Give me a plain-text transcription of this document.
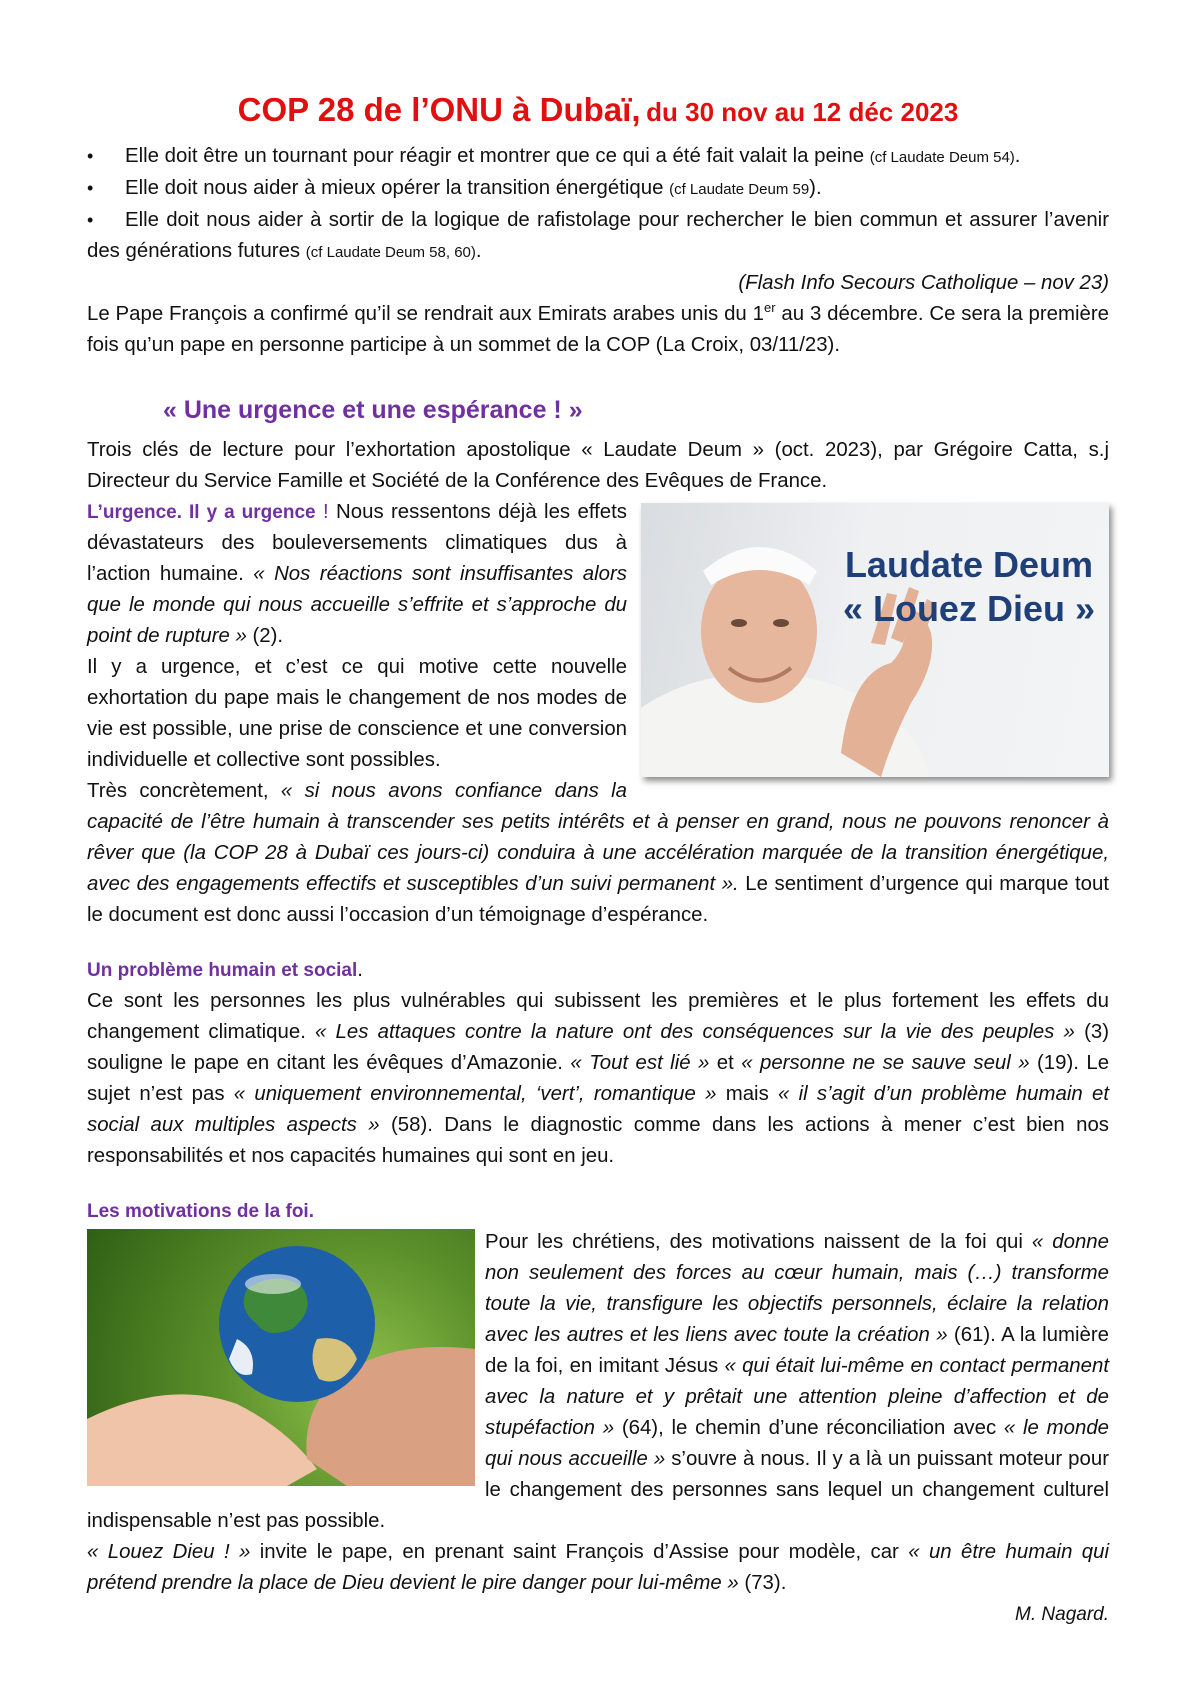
COP 28 de l’ONU à Dubaï, du 30 nov au 12 déc 2023

• Elle doit être un tournant pour réagir et montrer que ce qui a été fait valait la peine (cf Laudate Deum 54).
• Elle doit nous aider à mieux opérer la transition énergétique (cf Laudate Deum 59).
• Elle doit nous aider à sortir de la logique de rafistolage pour rechercher le bien commun et assurer l’avenir des générations futures (cf Laudate Deum 58, 60).

(Flash Info Secours Catholique – nov 23)

Le Pape François a confirmé qu’il se rendrait aux Emirats arabes unis du 1er au 3 décembre. Ce sera la première fois qu’un pape en personne participe à un sommet de la COP (La Croix, 03/11/23).

« Une urgence et une espérance ! »

Trois clés de lecture pour l’exhortation apostolique « Laudate Deum » (oct. 2023), par Grégoire Catta, s.j Directeur du Service Famille et Société de la Conférence des Evêques de France.

Laudate Deum
« Louez Dieu »

L’urgence. Il y a urgence ! Nous ressentons déjà les effets dévastateurs des bouleversements climatiques dus à l’action humaine. « Nos réactions sont insuffisantes alors que le monde qui nous accueille s’effrite et s’approche du point de rupture » (2).

Il y a urgence, et c’est ce qui motive cette nouvelle exhortation du pape mais le changement de nos modes de vie est possible, une prise de conscience et une conversion individuelle et collective sont possibles.

Très concrètement, « si nous avons confiance dans la capacité de l’être humain à transcender ses petits intérêts et à penser en grand, nous ne pouvons renoncer à rêver que (la COP 28 à Dubaï ces jours-ci) conduira à une accélération marquée de la transition énergétique, avec des engagements effectifs et susceptibles d’un suivi permanent ». Le sentiment d’urgence qui marque tout le document est donc aussi l’occasion d’un témoignage d’espérance.

Un problème humain et social.

Ce sont les personnes les plus vulnérables qui subissent les premières et le plus fortement les effets du changement climatique. « Les attaques contre la nature ont des conséquences sur la vie des peuples » (3) souligne le pape en citant les évêques d’Amazonie. « Tout est lié » et « personne ne se sauve seul » (19). Le sujet n’est pas « uniquement environnemental, ‘vert’, romantique » mais « il s’agit d’un problème humain et social aux multiples aspects » (58). Dans le diagnostic comme dans les actions à mener c’est bien nos responsabilités et nos capacités humaines qui sont en jeu.

Les motivations de la foi.

Pour les chrétiens, des motivations naissent de la foi qui « donne non seulement des forces au cœur humain, mais (…) transforme toute la vie, transfigure les objectifs personnels, éclaire la relation avec les autres et les liens avec toute la création » (61). A la lumière de la foi, en imitant Jésus « qui était lui-même en contact permanent avec la nature et y prêtait une attention pleine d’affection et de stupéfaction » (64), le chemin d’une réconciliation avec « le monde qui nous accueille » s’ouvre à nous. Il y a là un puissant moteur pour le changement des personnes sans lequel un changement culturel indispensable n’est pas possible.

« Louez Dieu ! » invite le pape, en prenant saint François d’Assise pour modèle, car « un être humain qui prétend prendre la place de Dieu devient le pire danger pour lui-même » (73).

M. Nagard.
